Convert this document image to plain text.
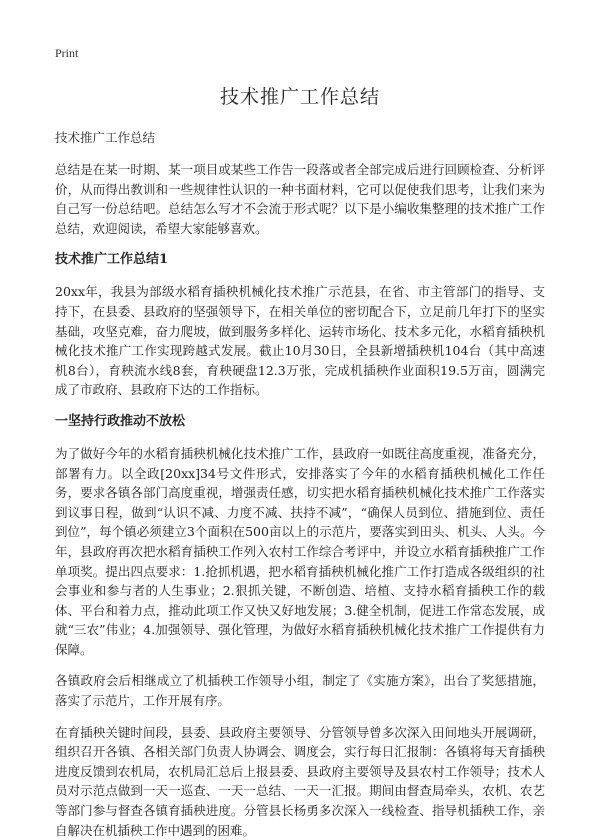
Print

技术推广工作总结

技术推广工作总结

总结是在某一时期、某一项目或某些工作告一段落或者全部完成后进行回顾检查、分析评价，从而得出教训和一些规律性认识的一种书面材料，它可以促使我们思考，让我们来为自己写一份总结吧。总结怎么写才不会流于形式呢？以下是小编收集整理的技术推广工作总结，欢迎阅读，希望大家能够喜欢。

技术推广工作总结1

20xx年，我县为部级水稻育插秧机械化技术推广示范县，在省、市主管部门的指导、支持下，在县委、县政府的坚强领导下，在相关单位的密切配合下，立足前几年打下的坚实基础，攻坚克难，奋力爬坡，做到服务多样化、运转市场化、技术多元化，水稻育插秧机械化技术推广工作实现跨越式发展。截止10月30日，全县新增插秧机104台（其中高速机8台），育秧流水线8套，育秧硬盘12.3万张，完成机插秧作业面积19.5万亩，圆满完成了市政府、县政府下达的工作指标。

一坚持行政推动不放松

为了做好今年的水稻育插秧机械化技术推广工作，县政府一如既往高度重视，准备充分，部署有力。以全政[20xx]34号文件形式，安排落实了今年的水稻育插秧机械化工作任务，要求各镇各部门高度重视，增强责任感，切实把水稻育插秧机械化技术推广工作落实到议事日程，做到“认识不减、力度不减、扶持不减”，“确保人员到位、措施到位、责任到位”，每个镇必须建立3个面积在500亩以上的示范片，要落实到田头、机头、人头。今年，县政府再次把水稻育插秧工作列入农村工作综合考评中，并设立水稻育插秧推广工作单项奖。提出四点要求：1.抢抓机遇，把水稻育插秧机械化推广工作打造成各级组织的社会事业和参与者的人生事业；2.狠抓关键，不断创造、培植、支持水稻育插秧工作的载体、平台和着力点，推动此项工作又快又好地发展；3.健全机制，促进工作常态发展，成就“三农”伟业；4.加强领导、强化管理，为做好水稻育插秧机械化技术推广工作提供有力保障。

各镇政府会后相继成立了机插秧工作领导小组，制定了《实施方案》，出台了奖惩措施，落实了示范片，工作开展有序。

在育插秧关键时间段，县委、县政府主要领导、分管领导曾多次深入田间地头开展调研，组织召开各镇、各相关部门负责人协调会、调度会，实行每日汇报制：各镇将每天育插秧进度反馈到农机局，农机局汇总后上报县委、县政府主要领导及县农村工作领导；技术人员对示范点做到一天一巡查、一天一总结、一天一汇报。期间由督查局牵头，农机、农艺等部门参与督查各镇育插秧进度。分管县长杨勇多次深入一线检查、指导机插秧工作，亲自解决在机插秧工作中遇到的困难。
